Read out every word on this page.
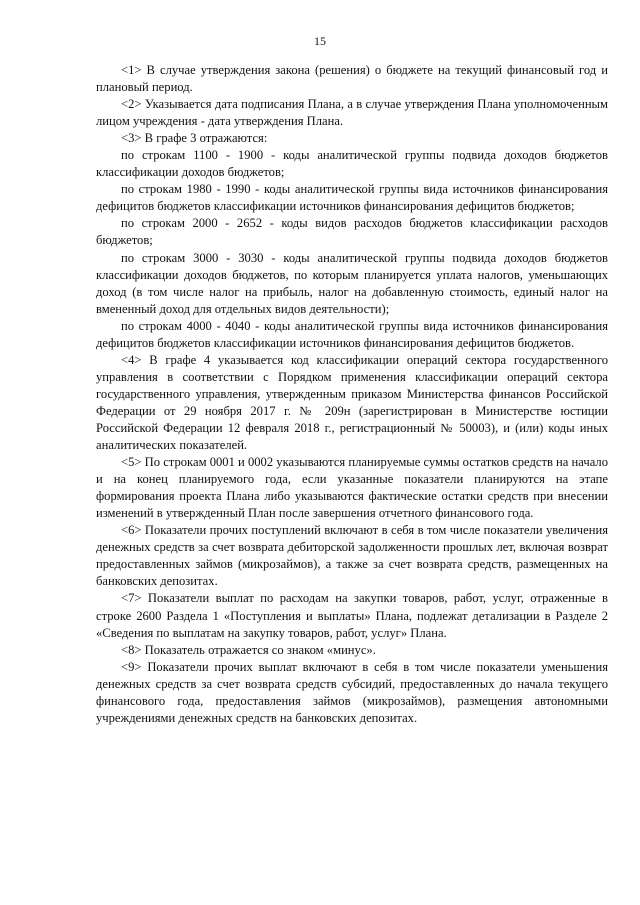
15

<1> В случае утверждения закона (решения) о бюджете на текущий финансовый год и плановый период.

<2> Указывается дата подписания Плана, а в случае утверждения Плана уполномоченным лицом учреждения - дата утверждения Плана.

<3> В графе 3 отражаются:

по строкам 1100 - 1900 - коды аналитической группы подвида доходов бюджетов классификации доходов бюджетов;

по строкам 1980 - 1990 - коды аналитической группы вида источников финансирования дефицитов бюджетов классификации источников финансирования дефицитов бюджетов;

по строкам 2000 - 2652 - коды видов расходов бюджетов классификации расходов бюджетов;

по строкам 3000 - 3030 - коды аналитической группы подвида доходов бюджетов классификации доходов бюджетов, по которым планируется уплата налогов, уменьшающих доход (в том числе налог на прибыль, налог на добавленную стоимость, единый налог на вмененный доход для отдельных видов деятельности);

по строкам 4000 - 4040 - коды аналитической группы вида источников финансирования дефицитов бюджетов классификации источников финансирования дефицитов бюджетов.

<4> В графе 4 указывается код классификации операций сектора государственного управления в соответствии с Порядком применения классификации операций сектора государственного управления, утвержденным приказом Министерства финансов Российской Федерации от 29 ноября 2017 г. № 209н (зарегистрирован в Министерстве юстиции Российской Федерации 12 февраля 2018 г., регистрационный № 50003), и (или) коды иных аналитических показателей.

<5> По строкам 0001 и 0002 указываются планируемые суммы остатков средств на начало и на конец планируемого года, если указанные показатели планируются на этапе формирования проекта Плана либо указываются фактические остатки средств при внесении изменений в утвержденный План после завершения отчетного финансового года.

<6> Показатели прочих поступлений включают в себя в том числе показатели увеличения денежных средств за счет возврата дебиторской задолженности прошлых лет, включая возврат предоставленных займов (микрозаймов), а также за счет возврата средств, размещенных на банковских депозитах.

<7> Показатели выплат по расходам на закупки товаров, работ, услуг, отраженные в строке 2600 Раздела 1 «Поступления и выплаты» Плана, подлежат детализации в Разделе 2 «Сведения по выплатам на закупку товаров, работ, услуг» Плана.

<8> Показатель отражается со знаком «минус».

<9> Показатели прочих выплат включают в себя в том числе показатели уменьшения денежных средств за счет возврата средств субсидий, предоставленных до начала текущего финансового года, предоставления займов (микрозаймов), размещения автономными учреждениями денежных средств на банковских депозитах.
